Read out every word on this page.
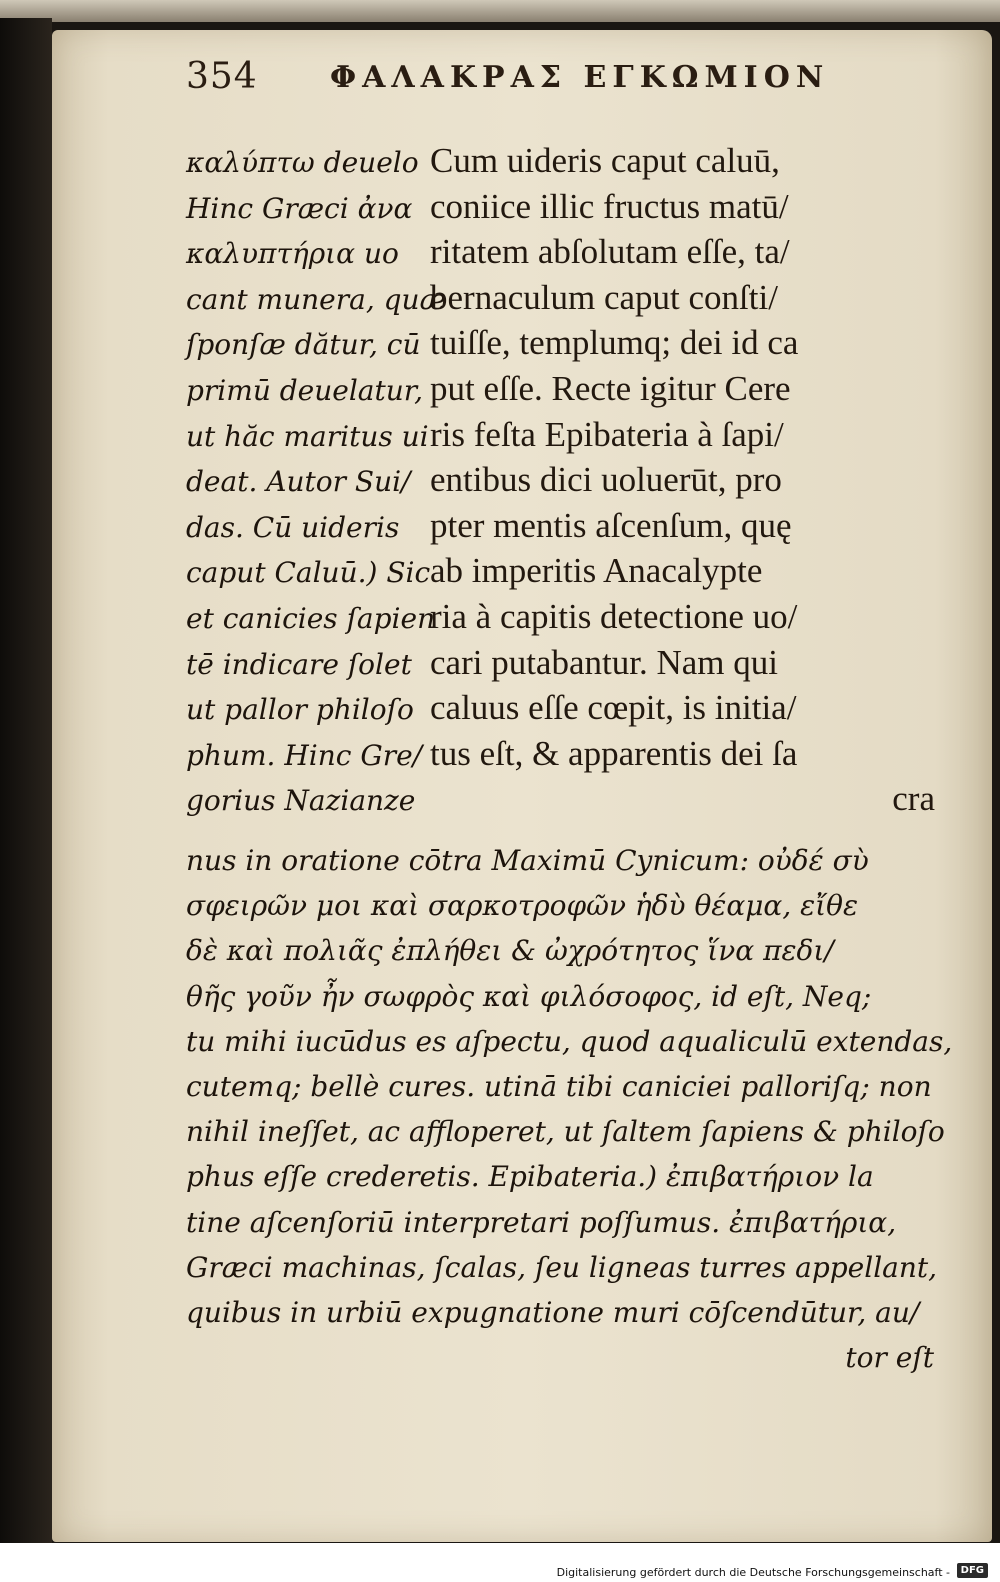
354 ΦΑΛΑΚΡΑΣ ΕΓΚΩΜΙΟΝ
καλύπτω deuelo
Hinc Græci ἀνα
καλυπτήρια uo
cant munera, quæ
ſponſæ dătur, cū
primū deuelatur,
ut hăc maritus ui
deat. Autor Sui/
das. Cū uideris
caput Caluū.) Sic
et canicies ſapien
tē indicare ſolet
ut pallor philoſo
phum. Hinc Gre/
gorius Nazianze
Cum uideris caput caluū,
coniice illic fructus matū/
ritatem abſolutam eſſe, ta/
bernaculum caput conſti/
tuiſſe, templumq; dei id ca
put eſſe. Recte igitur Cere
ris feſta Epibateria à ſapi/
entibus dici uoluerūt, pro
pter mentis aſcenſum, quę
ab imperitis Anacalypte
ria à capitis detectione uo/
cari putabantur. Nam qui
caluus eſſe cœpit, is initia/
tus eſt, & apparentis dei ſa
cra
nus in oratione cōtra Maximū Cynicum: οὐδέ σὺ
σφειρῶν μοι καὶ σαρκοτροφῶν ἡδὺ θέαμα, εἴθε
δὲ καὶ πολιᾶς ἐπλήθει & ὠχρότητος ἵνα πεδι/
θῆς γοῦν ἦν σωφρὸς καὶ φιλόσοφος, id eſt, Neq;
tu mihi iucūdus es aſpectu, quod aqualiculū extendas,
cutemq; bellè cures. utinā tibi caniciei palloriſq; non
nihil ineſſet, ac afflореret, ut ſaltem ſapiens & philoſo
phus eſſe crederetis. Epibateria.) ἐπιβατήριον la
tine aſcenſoriū interpretari poſſumus. ἐπιβατήρια,
Græci machinas, ſcalas, ſeu ligneas turres appellant,
quibus in urbiū expugnatione muri cōſcendūtur, au/
tor eſt
Digitalisierung gefördert durch die Deutsche Forschungsgemeinschaft -	DFG
